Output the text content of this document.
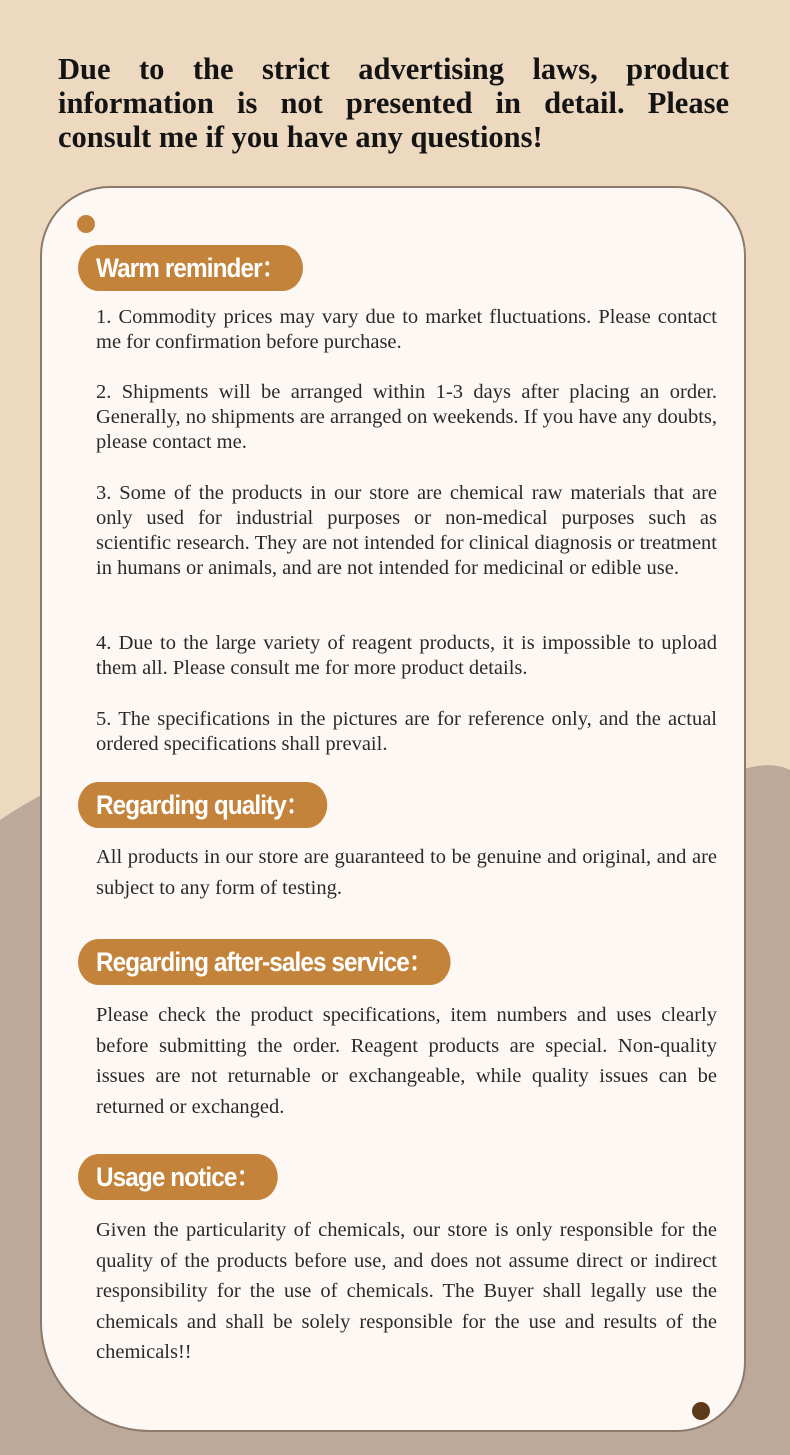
Due to the strict advertising laws, product information is not presented in detail. Please consult me if you have any questions!
Warm reminder：

1. Commodity prices may vary due to market fluctuations. Please contact me for confirmation before purchase.

2. Shipments will be arranged within 1-3 days after placing an order. Generally, no shipments are arranged on weekends. If you have any doubts, please contact me.

3. Some of the products in our store are chemical raw materials that are only used for industrial purposes or non-medical purposes such as scientific research. They are not intended for clinical diagnosis or treatment in humans or animals, and are not intended for medicinal or edible use.

4. Due to the large variety of reagent products, it is impossible to upload them all. Please consult me for more product details.

5. The specifications in the pictures are for reference only, and the actual ordered specifications shall prevail.

Regarding quality：

All products in our store are guaranteed to be genuine and original, and are subject to any form of testing.

Regarding after-sales service：

Please check the product specifications, item numbers and uses clearly before submitting the order. Reagent products are special. Non-quality issues are not returnable or exchangeable, while quality issues can be returned or exchanged.

Usage notice：

Given the particularity of chemicals, our store is only responsible for the quality of the products before use, and does not assume direct or indirect responsibility for the use of chemicals. The Buyer shall legally use the chemicals and shall be solely responsible for the use and results of the chemicals!!
